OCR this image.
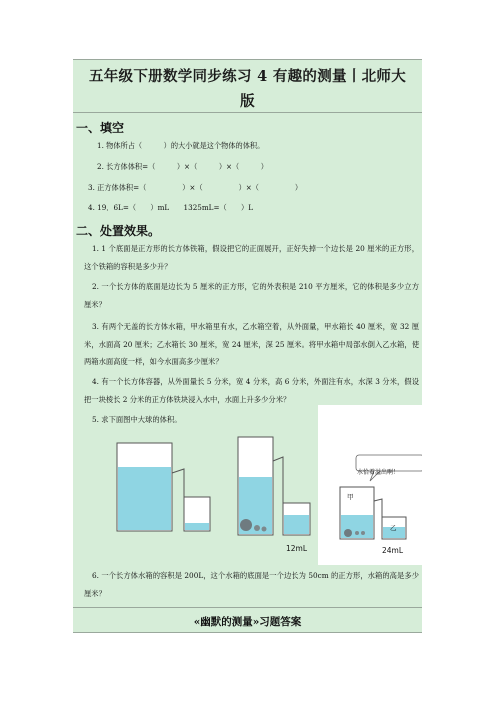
五年级下册数学同步练习 4 有趣的测量丨北师大
版
一、填空
1. 物体所占（　　　）的大小就是这个物体的体积。
2. 长方体体积=（　　　）×（　　　）×（　　　）
3. 正方体体积=（　　　　　）×（　　　　　）×（　　　　　）
4. 19．6L=（　　）mL　　1325mL=（　　）L
二、处置效果。
1. 1 个底面是正方形的长方体铁箱，假设把它的正面展开，正好失掉一个边长是 20 厘米的正方形，这个铁箱的容积是多少升？
2. 一个长方体的底面是边长为 5 厘米的正方形，它的外表积是 210 平方厘米，它的体积是多少立方厘米？
3. 有两个无盖的长方体水箱，甲水箱里有水，乙水箱空着，从外面量，甲水箱长 40 厘米，宽 32 厘米，水面高 20 厘米；乙水箱长 30 厘米，宽 24 厘米，深 25 厘米。将甲水箱中局部水倒入乙水箱，使两箱水面高度一样，如今水面高多少厘米？
4. 有一个长方体容器，从外面量长 5 分米，宽 4 分米，高 6 分米，外面注有水，水深 3 分米，假设把一块棱长 2 分米的正方体铁块浸入水中，水面上升多少分米？
5. 求下面图中大球的体积。
水恰着溢出啊！
甲
乙
12mL	24mL
6. 一个长方体水箱的容积是 200L，这个水箱的底面是一个边长为 50cm 的正方形，水箱的高是多少厘米？
«幽默的测量»习题答案
